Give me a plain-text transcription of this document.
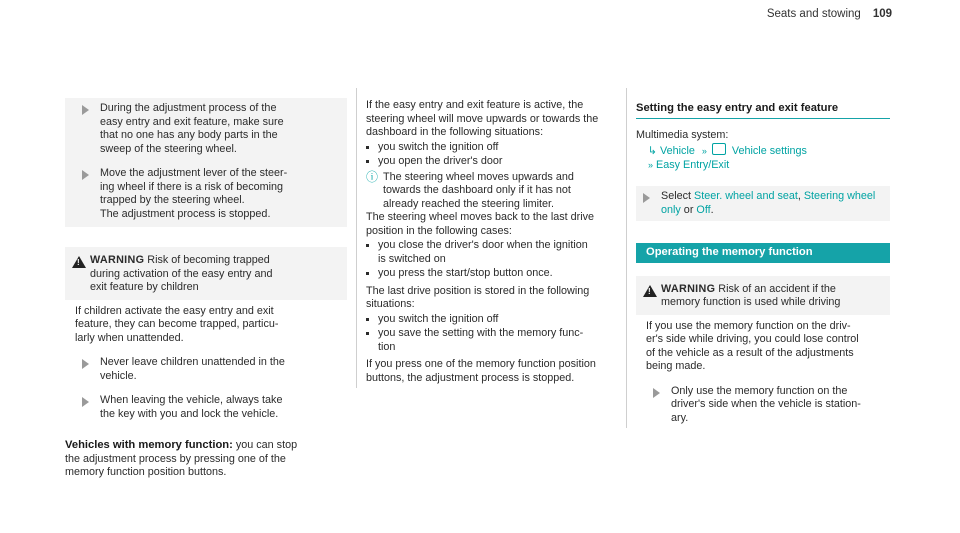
Seats and stowing 109
During the adjustment process of the
easy entry and exit feature, make sure
that no one has any body parts in the
sweep of the steering wheel.
Move the adjustment lever of the steer-
ing wheel if there is a risk of becoming
trapped by the steering wheel.
The adjustment process is stopped.
!
WARNING Risk of becoming trapped
during activation of the easy entry and
exit feature by children
If children activate the easy entry and exit
feature, they can become trapped, particu-
larly when unattended.
Never leave children unattended in the
vehicle.
When leaving the vehicle, always take
the key with you and lock the vehicle.
Vehicles with memory function: you can stop
the adjustment process by pressing one of the
memory function position buttons.
If the easy entry and exit feature is active, the
steering wheel will move upwards or towards the
dashboard in the following situations:
you switch the ignition off
you open the driver's door
ⓘ The steering wheel moves upwards and
towards the dashboard only if it has not
already reached the steering limiter.
The steering wheel moves back to the last drive
position in the following cases:
you close the driver's door when the ignition
is switched on
you press the start/stop button once.
The last drive position is stored in the following
situations:
you switch the ignition off
you save the setting with the memory func-
tion
If you press one of the memory function position
buttons, the adjustment process is stopped.
Setting the easy entry and exit feature
Multimedia system:
↳ Vehicle » Vehicle settings
» Easy Entry/Exit
Select Steer. wheel and seat, Steering wheel
only or Off.
Operating the memory function
!
WARNING Risk of an accident if the
memory function is used while driving
If you use the memory function on the driv-
er's side while driving, you could lose control
of the vehicle as a result of the adjustments
being made.
Only use the memory function on the
driver's side when the vehicle is station-
ary.
